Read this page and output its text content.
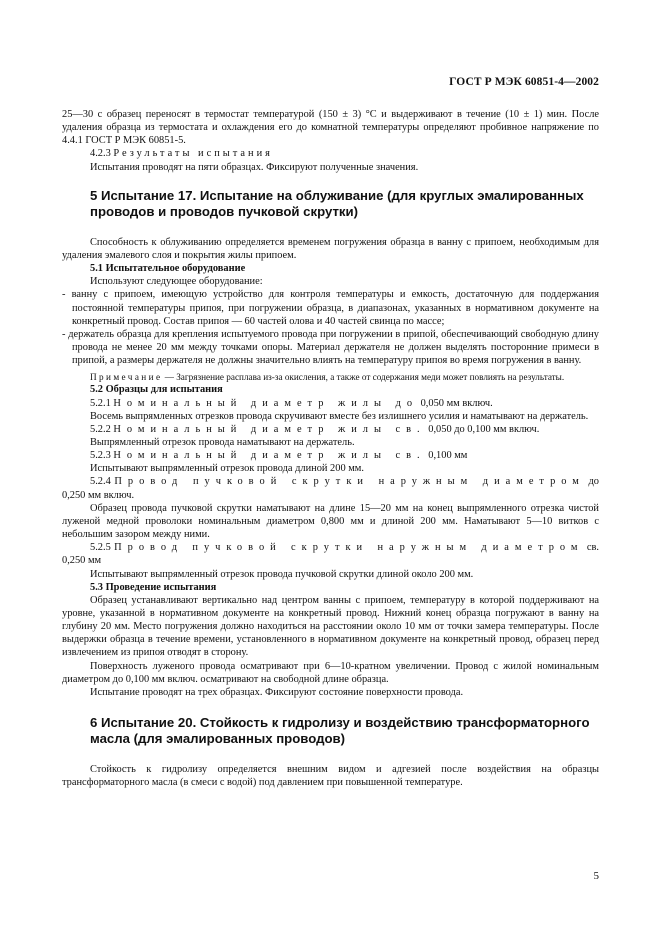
ГОСТ Р МЭК 60851-4—2002

25—30 с образец переносят в термостат температурой (150 ± 3) °С и выдерживают в течение (10 ± 1) мин. После удаления образца из термостата и охлаждения его до комнатной температуры определяют пробивное напряжение по 4.4.1 ГОСТ Р МЭК 60851-5.

4.2.3 Результаты испытания

Испытания проводят на пяти образцах. Фиксируют полученные значения.

5 Испытание 17. Испытание на облуживание (для круглых эмалированных
проводов и проводов пучковой скрутки)

Способность к облуживанию определяется временем погружения образца в ванну с припоем, необходимым для удаления эмалевого слоя и покрытия жилы припоем.

5.1 Испытательное оборудование

Используют следующее оборудование:

- ванну с припоем, имеющую устройство для контроля температуры и емкость, достаточную для поддержания постоянной температуры припоя, при погружении образца, в диапазонах, указанных в нормативном документе на конкретный провод. Состав припоя — 60 частей олова и 40 частей свинца по массе;

- держатель образца для крепления испытуемого провода при погружении в припой, обеспечивающий свободную длину провода не менее 20 мм между точками опоры. Материал держателя не должен выделять посторонние примеси в припой, а размеры держателя не должны значительно влиять на температуру припоя во время погружения в ванну.

Примечание — Загрязнение расплава из-за окисления, а также от содержания меди может повлиять на результаты.

5.2 Образцы для испытания

5.2.1 Номинальный диаметр жилы до 0,050 мм включ.

Восемь выпрямленных отрезков провода скручивают вместе без излишнего усилия и наматывают на держатель.

5.2.2 Номинальный диаметр жилы св. 0,050 до 0,100 мм включ.

Выпрямленный отрезок провода наматывают на держатель.

5.2.3 Номинальный диаметр жилы св. 0,100 мм

Испытывают выпрямленный отрезок провода длиной 200 мм.

5.2.4 Провод пучковой скрутки наружным диаметром до 0,250 мм включ.

Образец провода пучковой скрутки наматывают на длине 15—20 мм на конец выпрямленного отрезка чистой луженой медной проволоки номинальным диаметром 0,800 мм и длиной 200 мм. Наматывают 5—10 витков с небольшим зазором между ними.

5.2.5 Провод пучковой скрутки наружным диаметром св. 0,250 мм

Испытывают выпрямленный отрезок провода пучковой скрутки длиной около 200 мм.

5.3 Проведение испытания

Образец устанавливают вертикально над центром ванны с припоем, температуру в которой поддерживают на уровне, указанной в нормативном документе на конкретный провод. Нижний конец образца погружают в ванну на глубину 20 мм. Место погружения должно находиться на расстоянии около 10 мм от точки замера температуры. После выдержки образца в течение времени, установленного в нормативном документе на конкретный провод, образец перед извлечением из припоя отводят в сторону.

Поверхность луженого провода осматривают при 6—10-кратном увеличении. Провод с жилой номинальным диаметром до 0,100 мм включ. осматривают на свободной длине образца.

Испытание проводят на трех образцах. Фиксируют состояние поверхности провода.

6 Испытание 20. Стойкость к гидролизу и воздействию трансформаторного
масла (для эмалированных проводов)

Стойкость к гидролизу определяется внешним видом и адгезией после воздействия на образцы трансформаторного масла (в смеси с водой) под давлением при повышенной температуре.

5
